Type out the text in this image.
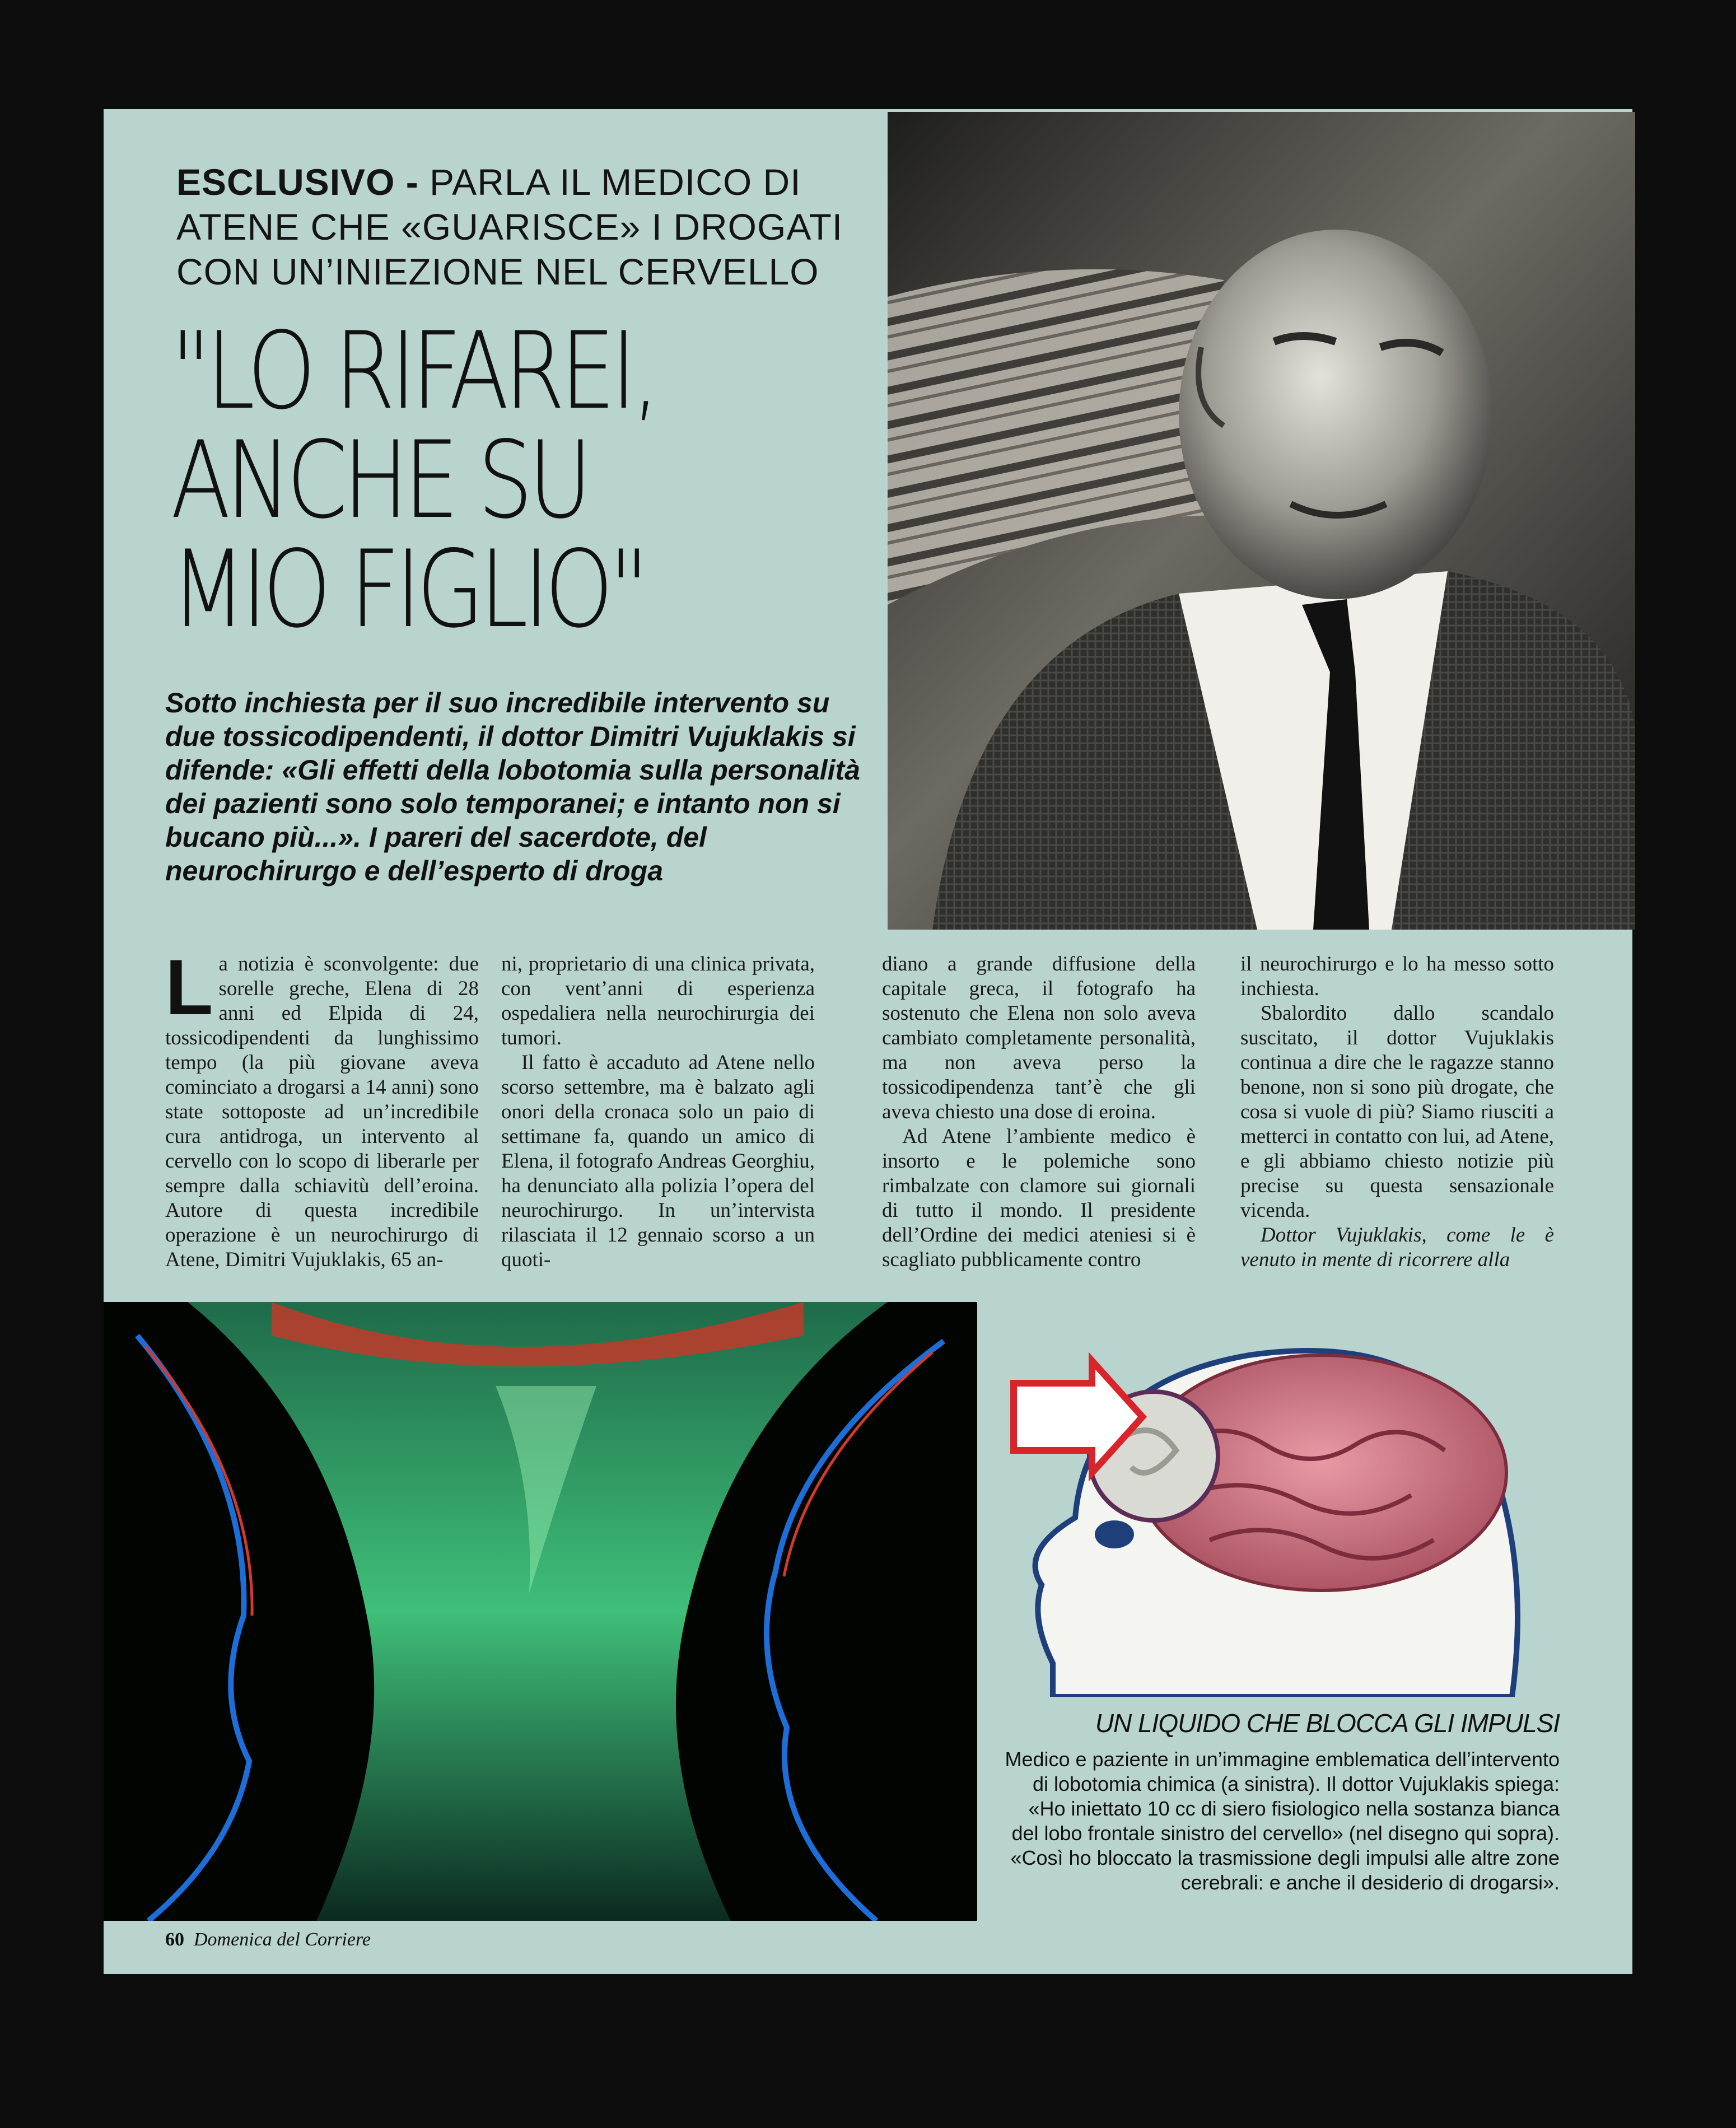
ESCLUSIVO - PARLA IL MEDICO DI ATENE CHE «GUARISCE» I DROGATI CON UN’INIEZIONE NEL CERVELLO
"LO RIFAREI, ANCHE SU MIO FIGLIO"
Sotto inchiesta per il suo incredibile intervento su due tossicodipendenti, il dottor Dimitri Vujuklakis si difende: «Gli effetti della lobotomia sulla personalità dei pazienti sono solo temporanei; e intanto non si bucano più...». I pareri del sacerdote, del neurochirurgo e dell’esperto di droga
L a notizia è sconvolgente: due sorelle greche, Elena di 28 anni ed Elpida di 24, tossicodipendenti da lunghissimo tempo (la più giovane aveva cominciato a drogarsi a 14 anni) sono state sottoposte ad un’incredibile cura antidroga, un intervento al cervello con lo scopo di liberarle per sempre dalla schiavitù dell’eroina. Autore di questa incredibile operazione è un neurochirurgo di Atene, Dimitri Vujuklakis, 65 an-

ni, proprietario di una clinica privata, con vent’anni di esperienza ospedaliera nella neurochirurgia dei tumori.

Il fatto è accaduto ad Atene nello scorso settembre, ma è balzato agli onori della cronaca solo un paio di settimane fa, quando un amico di Elena, il fotografo Andreas Georghiu, ha denunciato alla polizia l’opera del neurochirurgo. In un’intervista rilasciata il 12 gennaio scorso a un quoti-

diano a grande diffusione della capitale greca, il fotografo ha sostenuto che Elena non solo aveva cambiato completamente personalità, ma non aveva perso la tossicodipendenza tant’è che gli aveva chiesto una dose di eroina.

Ad Atene l’ambiente medico è insorto e le polemiche sono rimbalzate con clamore sui giornali di tutto il mondo. Il presidente dell’Ordine dei medici ateniesi si è scagliato pubblicamente contro

il neurochirurgo e lo ha messo sotto inchiesta.

Sbalordito dallo scandalo suscitato, il dottor Vujuklakis continua a dire che le ragazze stanno benone, non si sono più drogate, che cosa si vuole di più? Siamo riusciti a metterci in contatto con lui, ad Atene, e gli abbiamo chiesto notizie più precise su questa sensazionale vicenda.

Dottor Vujuklakis, come le è venuto in mente di ricorrere alla

UN LIQUIDO CHE BLOCCA GLI IMPULSI
Medico e paziente in un’immagine emblematica dell’intervento di lobotomia chimica (a sinistra). Il dottor Vujuklakis spiega: «Ho iniettato 10 cc di siero fisiologico nella sostanza bianca del lobo frontale sinistro del cervello» (nel disegno qui sopra). «Così ho bloccato la trasmissione degli impulsi alle altre zone cerebrali: e anche il desiderio di drogarsi».
60 Domenica del Corriere
